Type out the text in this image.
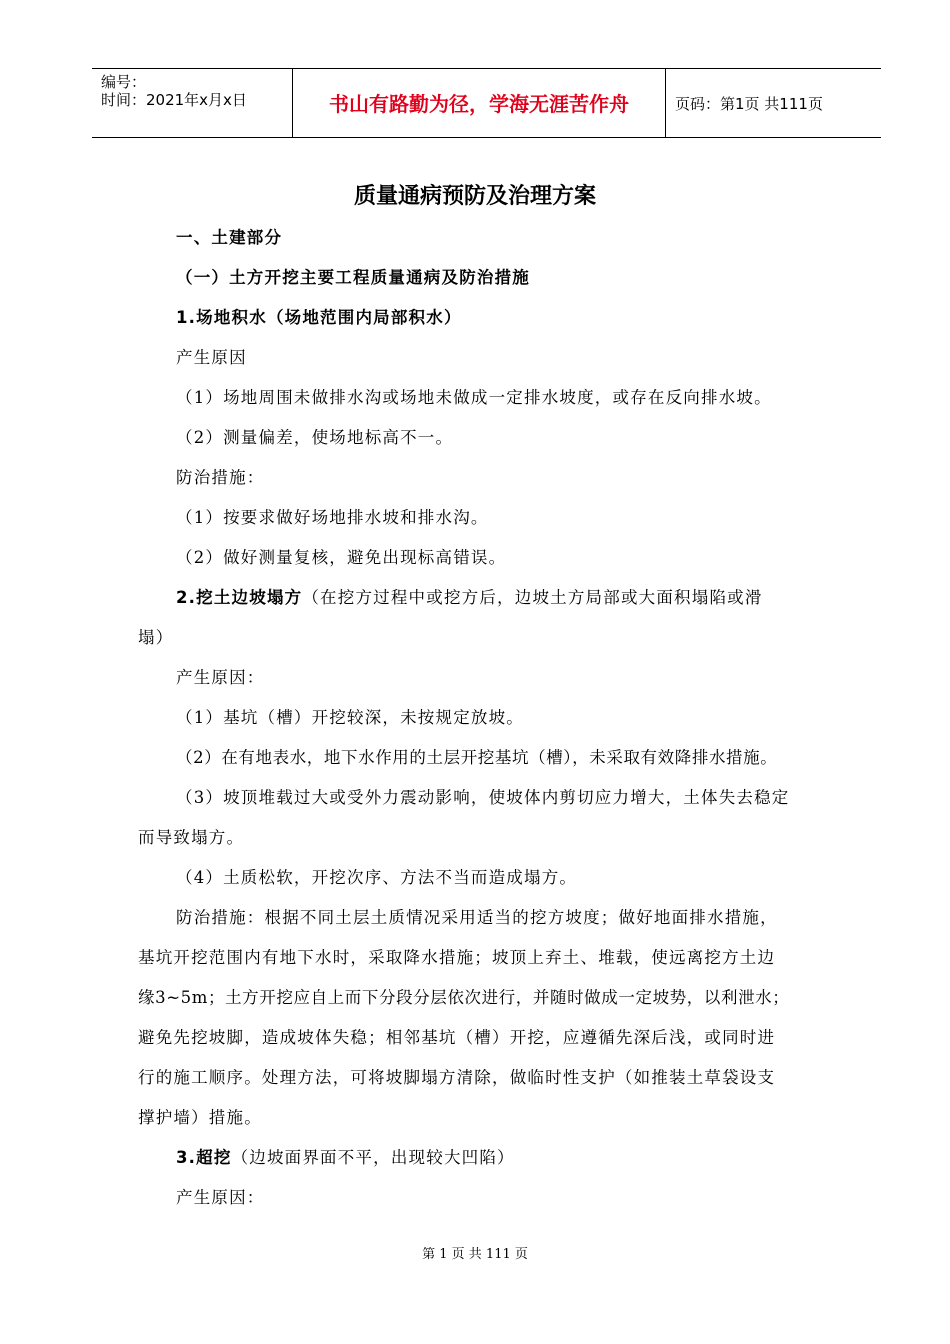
编号：
时间：2021年x月x日	书山有路勤为径，学海无涯苦作舟	页码：第1页 共111页
质量通病预防及治理方案
一、土建部分
（一）土方开挖主要工程质量通病及防治措施
1.场地积水（场地范围内局部积水）
产生原因
（1）场地周围未做排水沟或场地未做成一定排水坡度，或存在反向排水坡。
（2）测量偏差，使场地标高不一。
防治措施：
（1）按要求做好场地排水坡和排水沟。
（2）做好测量复核，避免出现标高错误。
2.挖土边坡塌方（在挖方过程中或挖方后，边坡土方局部或大面积塌陷或滑
塌）
产生原因：
（1）基坑（槽）开挖较深，未按规定放坡。
（2）在有地表水，地下水作用的土层开挖基坑（槽），未采取有效降排水措施。
（3）坡顶堆载过大或受外力震动影响，使坡体内剪切应力增大，土体失去稳定
而导致塌方。
（4）土质松软，开挖次序、方法不当而造成塌方。
防治措施：根据不同土层土质情况采用适当的挖方坡度；做好地面排水措施，
基坑开挖范围内有地下水时，采取降水措施；坡顶上弃土、堆载，使远离挖方土边
缘3~5m；土方开挖应自上而下分段分层依次进行，并随时做成一定坡势，以利泄水；
避免先挖坡脚，造成坡体失稳；相邻基坑（槽）开挖，应遵循先深后浅，或同时进
行的施工顺序。处理方法，可将坡脚塌方清除，做临时性支护（如推装土草袋设支
撑护墙）措施。
3.超挖（边坡面界面不平，出现较大凹陷）
产生原因：
第 1 页 共 111 页
